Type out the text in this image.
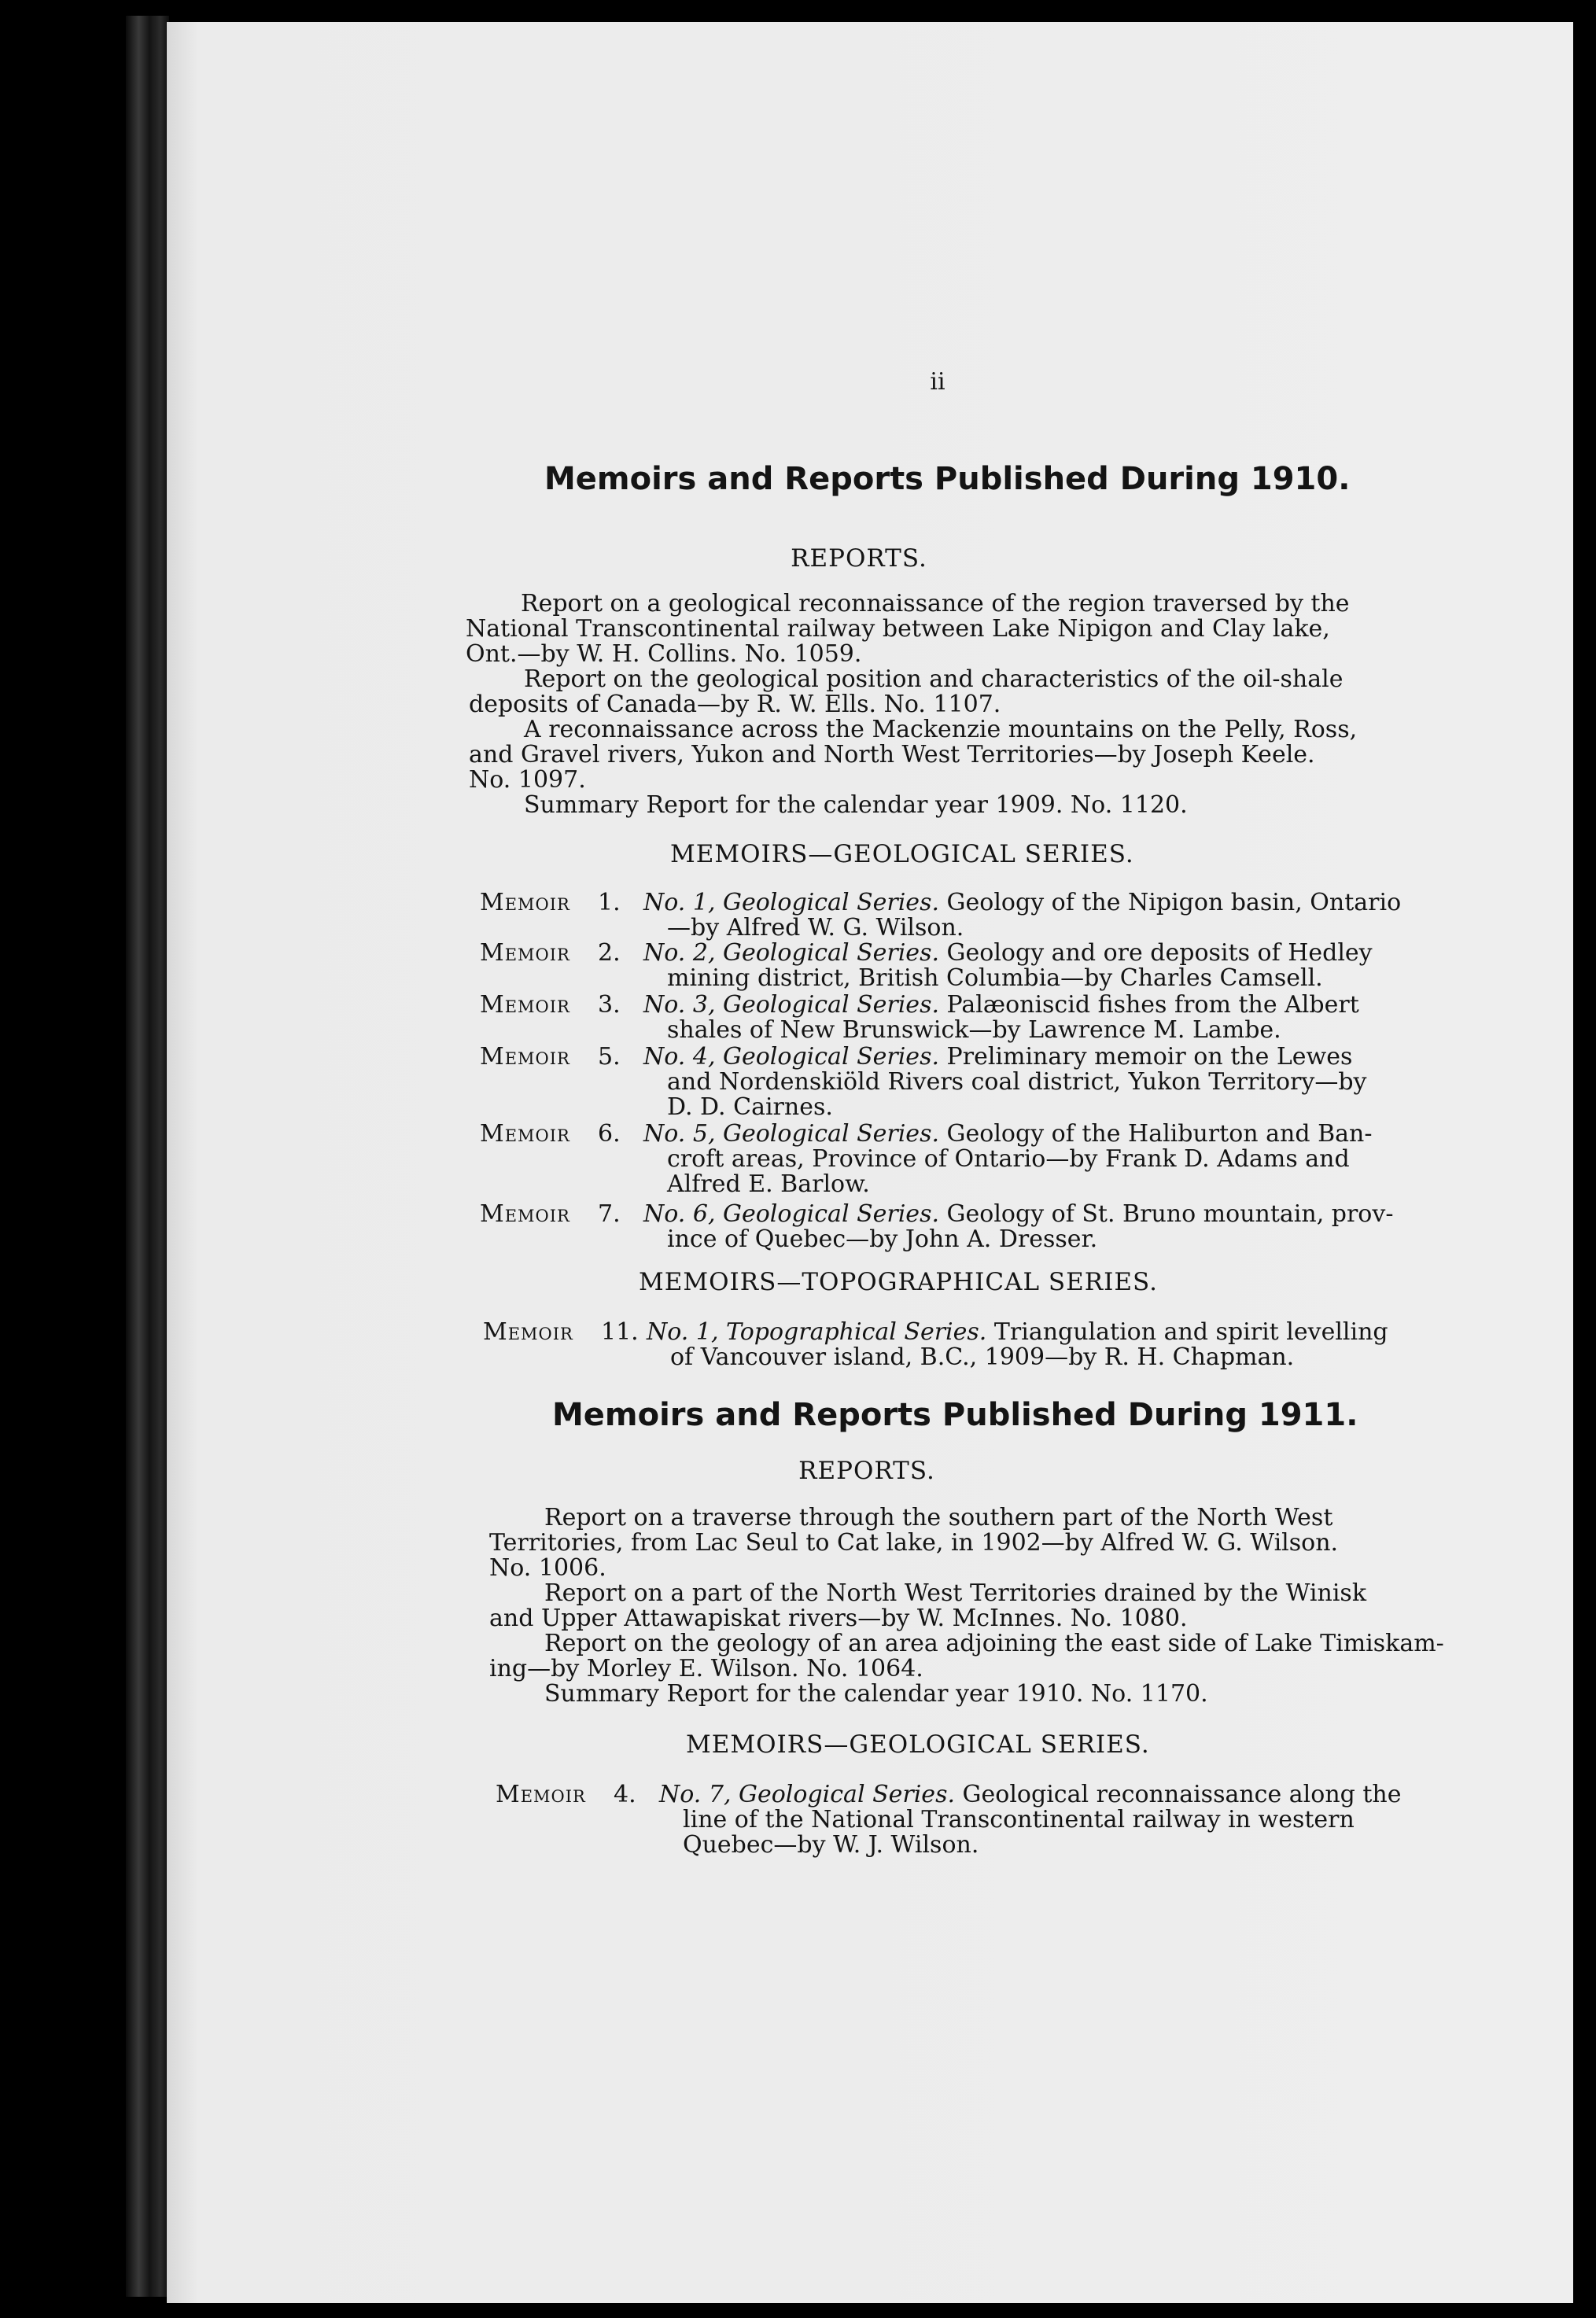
ii
Memoirs and Reports Published During 1910.
REPORTS.
Report on a geological reconnaissance of the region traversed by the
National Transcontinental railway between Lake Nipigon and Clay lake,
Ont.—by W. H. Collins. No. 1059.
Report on the geological position and characteristics of the oil-shale
deposits of Canada—by R. W. Ells. No. 1107.
A reconnaissance across the Mackenzie mountains on the Pelly, Ross,
and Gravel rivers, Yukon and North West Territories—by Joseph Keele.
No. 1097.
Summary Report for the calendar year 1909. No. 1120.
MEMOIRS—GEOLOGICAL SERIES.
Memoir 1. No. 1, Geological Series. Geology of the Nipigon basin, Ontario
—by Alfred W. G. Wilson.
Memoir 2. No. 2, Geological Series. Geology and ore deposits of Hedley
mining district, British Columbia—by Charles Camsell.
Memoir 3. No. 3, Geological Series. Palæoniscid fishes from the Albert
shales of New Brunswick—by Lawrence M. Lambe.
Memoir 5. No. 4, Geological Series. Preliminary memoir on the Lewes
and Nordenskiöld Rivers coal district, Yukon Territory—by
D. D. Cairnes.
Memoir 6. No. 5, Geological Series. Geology of the Haliburton and Ban-
croft areas, Province of Ontario—by Frank D. Adams and
Alfred E. Barlow.
Memoir 7. No. 6, Geological Series. Geology of St. Bruno mountain, prov-
ince of Quebec—by John A. Dresser.
MEMOIRS—TOPOGRAPHICAL SERIES.
Memoir 11. No. 1, Topographical Series. Triangulation and spirit levelling
of Vancouver island, B.C., 1909—by R. H. Chapman.
Memoirs and Reports Published During 1911.
REPORTS.
Report on a traverse through the southern part of the North West
Territories, from Lac Seul to Cat lake, in 1902—by Alfred W. G. Wilson.
No. 1006.
Report on a part of the North West Territories drained by the Winisk
and Upper Attawapiskat rivers—by W. McInnes. No. 1080.
Report on the geology of an area adjoining the east side of Lake Timiskam-
ing—by Morley E. Wilson. No. 1064.
Summary Report for the calendar year 1910. No. 1170.
MEMOIRS—GEOLOGICAL SERIES.
Memoir 4. No. 7, Geological Series. Geological reconnaissance along the
line of the National Transcontinental railway in western
Quebec—by W. J. Wilson.
